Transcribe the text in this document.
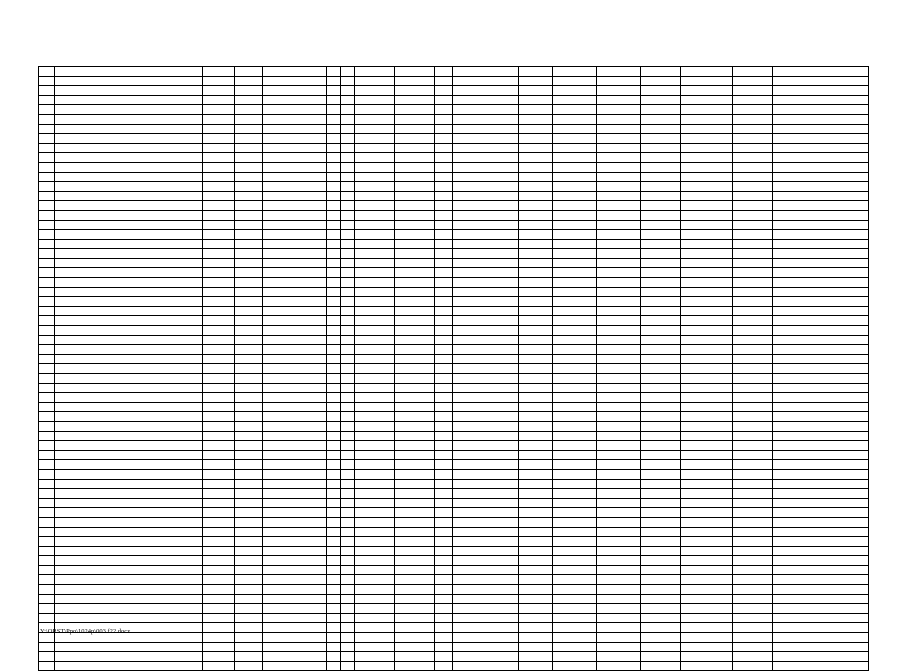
Y:\ORST\Ppo\1024p\003.f22.docx
